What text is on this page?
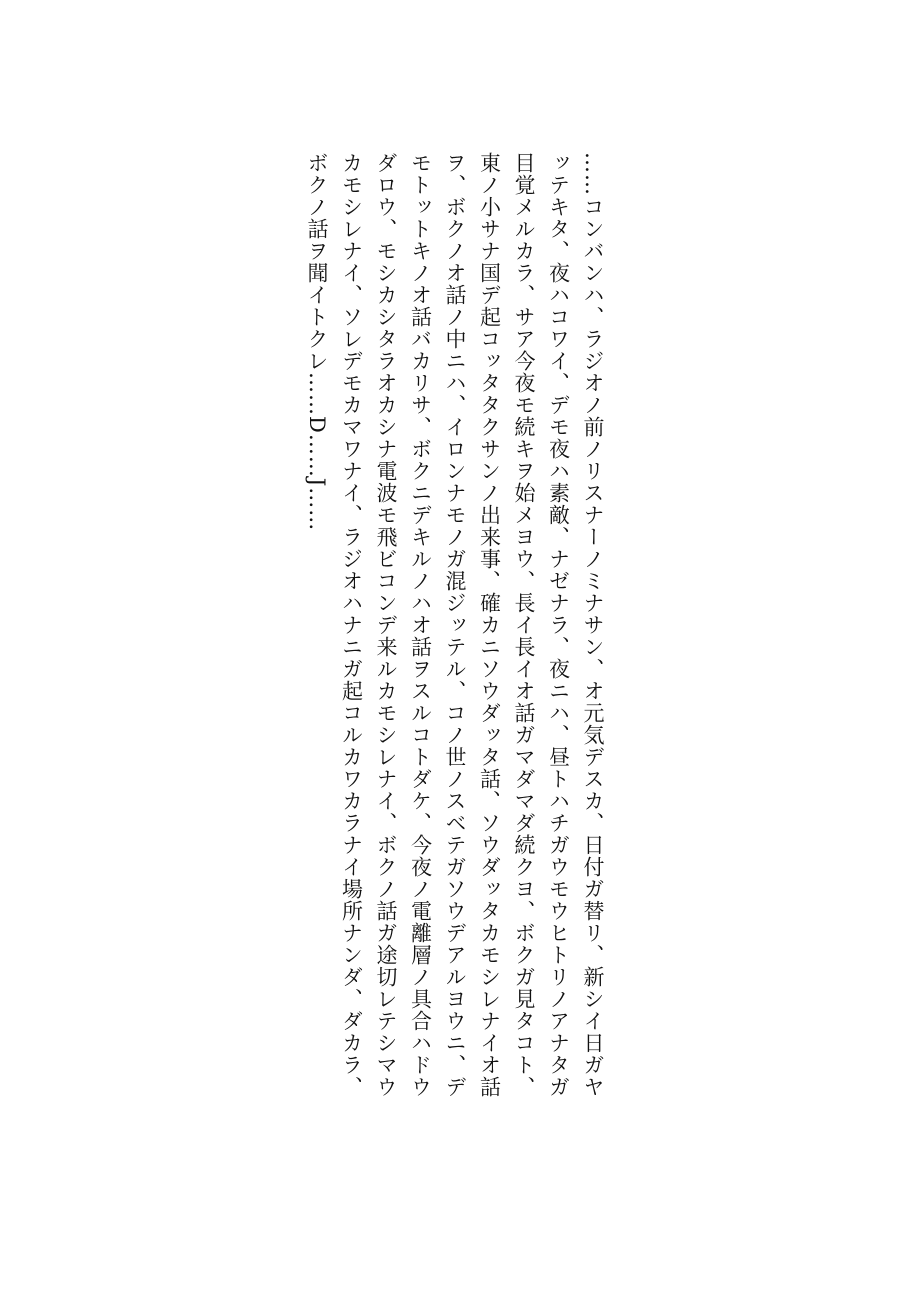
……コンバンハ、ラジオノ前ノリスナーノミナサン、オ元気デスカ、日付ガ替リ、新シイ日ガヤ
ッテキタ、夜ハコワイ、デモ夜ハ素敵、ナゼナラ、夜ニハ、昼トハチガウモウヒトリノアナタガ
目覚メルカラ、サア今夜モ続キヲ始メヨウ、長イ長イオ話ガマダマダ続クヨ、ボクガ見タコト、
東ノ小サナ国デ起コッタタクサンノ出来事、確カニソウダッタ話、ソウダッタカモシレナイオ話
ヲ、ボクノオ話ノ中ニハ、イロンナモノガ混ジッテル、コノ世ノスベテガソウデアルヨウニ、デ
モトットキノオ話バカリサ、ボクニデキルノハオ話ヲスルコトダケ、今夜ノ電離層ノ具合ハドウ
ダロウ、モシカシタラオカシナ電波モ飛ビコンデ来ルカモシレナイ、ボクノ話ガ途切レテシマウ
カモシレナイ、ソレデモカマワナイ、ラジオハナニガ起コルカワカラナイ場所ナンダ、ダカラ、
ボクノ話ヲ聞イトクレ……D……J……
